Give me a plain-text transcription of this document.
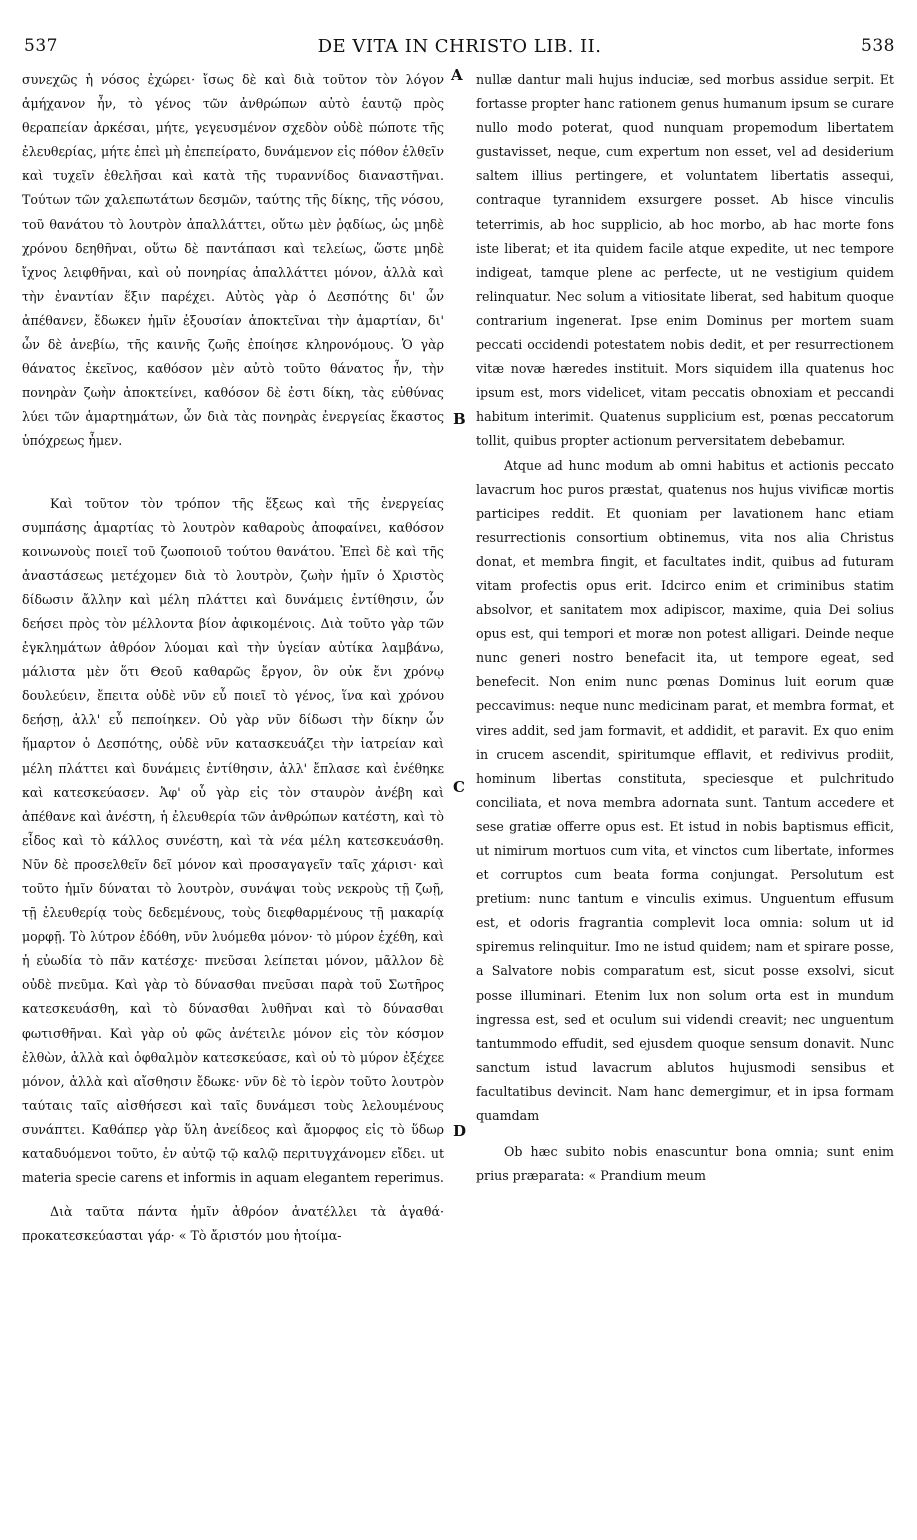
537	DE VITA IN CHRISTO LIB. II.	538

συνεχῶς ἡ νόσος ἐχώρει· ἴσως δὲ καὶ διὰ τοῦτον τὸν λόγον ἀμήχανον ἦν, τὸ γένος τῶν ἀνθρώπων αὐτὸ ἑαυτῷ πρὸς θεραπείαν ἀρκέσαι, μήτε, γεγευσμένον σχεδὸν οὐδὲ πώποτε τῆς ἐλευθερίας, μήτε ἐπεὶ μὴ ἐπεπείρατο, δυνάμενον εἰς πόθον ἐλθεῖν καὶ τυχεῖν ἐθελῆσαι καὶ κατὰ τῆς τυραννίδος διαναστῆναι. Τούτων τῶν χαλεπωτάτων δεσμῶν, ταύτης τῆς δίκης, τῆς νόσου, τοῦ θανάτου τὸ λουτρὸν ἀπαλλάττει, οὕτω μὲν ῥᾳδίως, ὡς μηδὲ χρόνου δεηθῆναι, οὕτω δὲ παντάπασι καὶ τελείως, ὥστε μηδὲ ἴχνος λειφθῆναι, καὶ οὐ πονηρίας ἀπαλλάττει μόνον, ἀλλὰ καὶ τὴν ἐναντίαν ἕξιν παρέχει. Αὐτὸς γὰρ ὁ Δεσπότης δι' ὧν ἀπέθανεν, ἔδωκεν ἡμῖν ἐξουσίαν ἀποκτεῖναι τὴν ἁμαρτίαν, δι' ὧν δὲ ἀνεβίω, τῆς καινῆς ζωῆς ἐποίησε κληρονόμους. Ὁ γὰρ θάνατος ἐκεῖνος, καθόσον μὲν αὐτὸ τοῦτο θάνατος ἦν, τὴν πονηρὰν ζωὴν ἀποκτείνει, καθόσον δὲ ἐστι δίκη, τὰς εὐθύνας λύει τῶν ἁμαρτημάτων, ὧν διὰ τὰς πονηρὰς ἐνεργείας ἕκαστος ὑπόχρεως ἦμεν.

Καὶ τοῦτον τὸν τρόπον τῆς ἕξεως καὶ τῆς ἐνεργείας συμπάσης ἁμαρτίας τὸ λουτρὸν καθαροὺς ἀποφαίνει, καθόσον κοινωνοὺς ποιεῖ τοῦ ζωοποιοῦ τούτου θανάτου. Ἐπεὶ δὲ καὶ τῆς ἀναστάσεως μετέχομεν διὰ τὸ λουτρὸν, ζωὴν ἡμῖν ὁ Χριστὸς δίδωσιν ἄλλην καὶ μέλη πλάττει καὶ δυνάμεις ἐντίθησιν, ὧν δεήσει πρὸς τὸν μέλλοντα βίον ἀφικομένοις. Διὰ τοῦτο γὰρ τῶν ἐγκλημάτων ἀθρόον λύομαι καὶ τὴν ὑγείαν αὐτίκα λαμβάνω, μάλιστα μὲν ὅτι Θεοῦ καθαρῶς ἔργον, ὃν οὐκ ἔνι χρόνῳ δουλεύειν, ἔπειτα οὐδὲ νῦν εὖ ποιεῖ τὸ γένος, ἵνα καὶ χρόνου δεήσῃ, ἀλλ' εὖ πεποίηκεν. Οὐ γὰρ νῦν δίδωσι τὴν δίκην ὧν ἥμαρτον ὁ Δεσπότης, οὐδὲ νῦν κατασκευάζει τὴν ἰατρείαν καὶ μέλη πλάττει καὶ δυνάμεις ἐντίθησιν, ἀλλ' ἔπλασε καὶ ἐνέθηκε καὶ κατεσκεύασεν. Ἀφ' οὗ γὰρ εἰς τὸν σταυρὸν ἀνέβη καὶ ἀπέθανε καὶ ἀνέστη, ἡ ἐλευθερία τῶν ἀνθρώπων κατέστη, καὶ τὸ εἶδος καὶ τὸ κάλλος συνέστη, καὶ τὰ νέα μέλη κατεσκευάσθη. Νῦν δὲ προσελθεῖν δεῖ μόνον καὶ προσαγαγεῖν ταῖς χάρισι· καὶ τοῦτο ἡμῖν δύναται τὸ λουτρὸν, συνάψαι τοὺς νεκροὺς τῇ ζωῇ, τῇ ἐλευθερίᾳ τοὺς δεδεμένους, τοὺς διεφθαρμένους τῇ μακαρίᾳ μορφῇ. Τὸ λύτρον ἐδόθη, νῦν λυόμεθα μόνον· τὸ μύρον ἐχέθη, καὶ ἡ εὐωδία τὸ πᾶν κατέσχε· πνεῦσαι λείπεται μόνον, μᾶλλον δὲ οὐδὲ πνεῦμα. Καὶ γὰρ τὸ δύνασθαι πνεῦσαι παρὰ τοῦ Σωτῆρος κατεσκευάσθη, καὶ τὸ δύνασθαι λυθῆναι καὶ τὸ δύνασθαι φωτισθῆναι. Καὶ γὰρ οὐ φῶς ἀνέτειλε μόνον εἰς τὸν κόσμον ἐλθὼν, ἀλλὰ καὶ ὀφθαλμὸν κατεσκεύασε, καὶ οὐ τὸ μύρον ἐξέχεε μόνον, ἀλλὰ καὶ αἴσθησιν ἔδωκε· νῦν δὲ τὸ ἱερὸν τοῦτο λουτρὸν ταύταις ταῖς αἰσθήσεσι καὶ ταῖς δυνάμεσι τοὺς λελουμένους συνάπτει. Καθάπερ γὰρ ὕλη ἀνείδεος καὶ ἄμορφος εἰς τὸ ὕδωρ καταδυόμενοι τοῦτο, ἐν αὐτῷ τῷ καλῷ περιτυγχάνομεν εἴδει. ut materia specie carens et informis in aquam elegantem reperimus.

Διὰ ταῦτα πάντα ἡμῖν ἀθρόον ἀνατέλλει τὰ ἀγαθά· προκατεσκεύασται γάρ· « Τὸ ἄριστόν μου ἡτοίμα-

nullæ dantur mali hujus induciæ, sed morbus assidue serpit. Et fortasse propter hanc rationem genus humanum ipsum se curare nullo modo poterat, quod nunquam propemodum libertatem gustavisset, neque, cum expertum non esset, vel ad desiderium saltem illius pertingere, et voluntatem libertatis assequi, contraque tyrannidem exsurgere posset. Ab hisce vinculis teterrimis, ab hoc supplicio, ab hoc morbo, ab hac morte fons iste liberat; et ita quidem facile atque expedite, ut nec tempore indigeat, tamque plene ac perfecte, ut ne vestigium quidem relinquatur. Nec solum a vitiositate liberat, sed habitum quoque contrarium ingenerat. Ipse enim Dominus per mortem suam peccati occidendi potestatem nobis dedit, et per resurrectionem vitæ novæ hæredes instituit. Mors siquidem illa quatenus hoc ipsum est, mors videlicet, vitam peccatis obnoxiam et peccandi habitum interimit. Quatenus supplicium est, pœnas peccatorum tollit, quibus propter actionum perversitatem debebamur.

Atque ad hunc modum ab omni habitus et actionis peccato lavacrum hoc puros præstat, quatenus nos hujus vivificæ mortis participes reddit. Et quoniam per lavationem hanc etiam resurrectionis consortium obtinemus, vita nos alia Christus donat, et membra fingit, et facultates indit, quibus ad futuram vitam profectis opus erit. Idcirco enim et criminibus statim absolvor, et sanitatem mox adipiscor, maxime, quia Dei solius opus est, qui tempori et moræ non potest alligari. Deinde neque nunc generi nostro benefacit ita, ut tempore egeat, sed benefecit. Non enim nunc pœnas Dominus luit eorum quæ peccavimus: neque nunc medicinam parat, et membra format, et vires addit, sed jam formavit, et addidit, et paravit. Ex quo enim in crucem ascendit, spiritumque efflavit, et redivivus prodiit, hominum libertas constituta, speciesque et pulchritudo conciliata, et nova membra adornata sunt. Tantum accedere et sese gratiæ offerre opus est. Et istud in nobis baptismus efficit, ut nimirum mortuos cum vita, et vinctos cum libertate, informes et corruptos cum beata forma conjungat. Persolutum est pretium: nunc tantum e vinculis eximus. Unguentum effusum est, et odoris fragrantia complevit loca omnia: solum ut id spiremus relinquitur. Imo ne istud quidem; nam et spirare posse, a Salvatore nobis comparatum est, sicut posse exsolvi, sicut posse illuminari. Etenim lux non solum orta est in mundum ingressa est, sed et oculum sui videndi creavit; nec unguentum tantummodo effudit, sed ejusdem quoque sensum donavit. Nunc sanctum istud lavacrum ablutos hujusmodi sensibus et facultatibus devincit. Nam hanc demergimur, et in ipsa formam quamdam

Ob hæc subito nobis enascuntur bona omnia; sunt enim prius præparata: « Prandium meum

A
B
C
D
